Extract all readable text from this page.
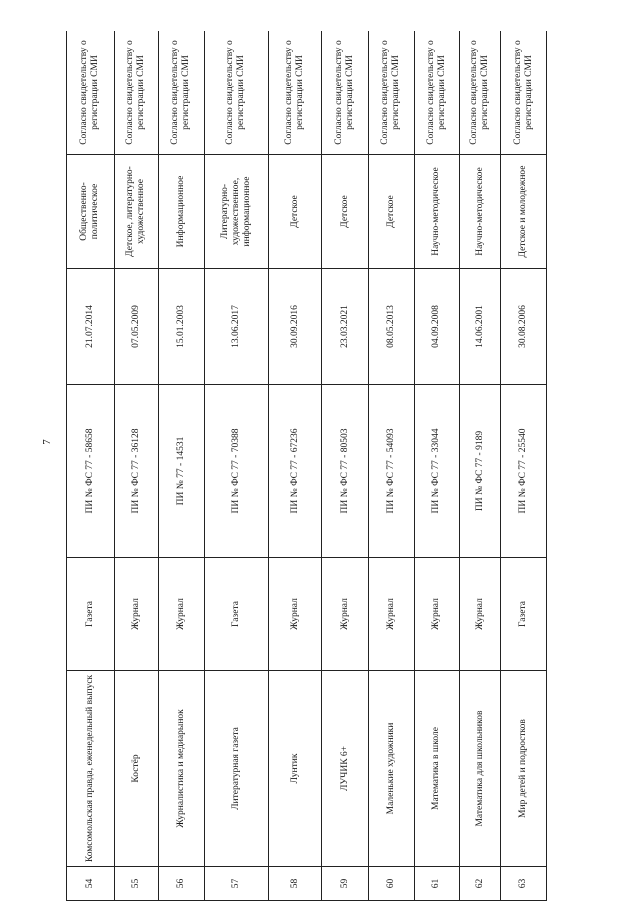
7
54	Комсомольская правда, еженедельный выпуск	Газета	ПИ № ФС 77 - 58658	21.07.2014	Общественно-политическое	Согласно свидетельству о регистрации СМИ
55	Костёр	Журнал	ПИ № ФС 77 - 36128	07.05.2009	Детское, литературно-художественное	Согласно свидетельству о регистрации СМИ
56	Журналистика и медиарынок	Журнал	ПИ № 77 - 14531	15.01.2003	Информационное	Согласно свидетельству о регистрации СМИ
57	Литературная газета	Газета	ПИ № ФС 77 - 70388	13.06.2017	Литературно-художественное, информационное	Согласно свидетельству о регистрации СМИ
58	Лунтик	Журнал	ПИ № ФС 77 - 67236	30.09.2016	Детское	Согласно свидетельству о регистрации СМИ
59	ЛУЧИК 6+	Журнал	ПИ № ФС 77 - 80503	23.03.2021	Детское	Согласно свидетельству о регистрации СМИ
60	Маленькие художники	Журнал	ПИ № ФС 77 - 54093	08.05.2013	Детское	Согласно свидетельству о регистрации СМИ
61	Математика в школе	Журнал	ПИ № ФС 77 - 33044	04.09.2008	Научно-методическое	Согласно свидетельству о регистрации СМИ
62	Математика для школьников	Журнал	ПИ № ФС 77 - 9189	14.06.2001	Научно-методическое	Согласно свидетельству о регистрации СМИ
63	Мир детей и подростков	Газета	ПИ № ФС 77 - 25540	30.08.2006	Детское и молодежное	Согласно свидетельству о регистрации СМИ
